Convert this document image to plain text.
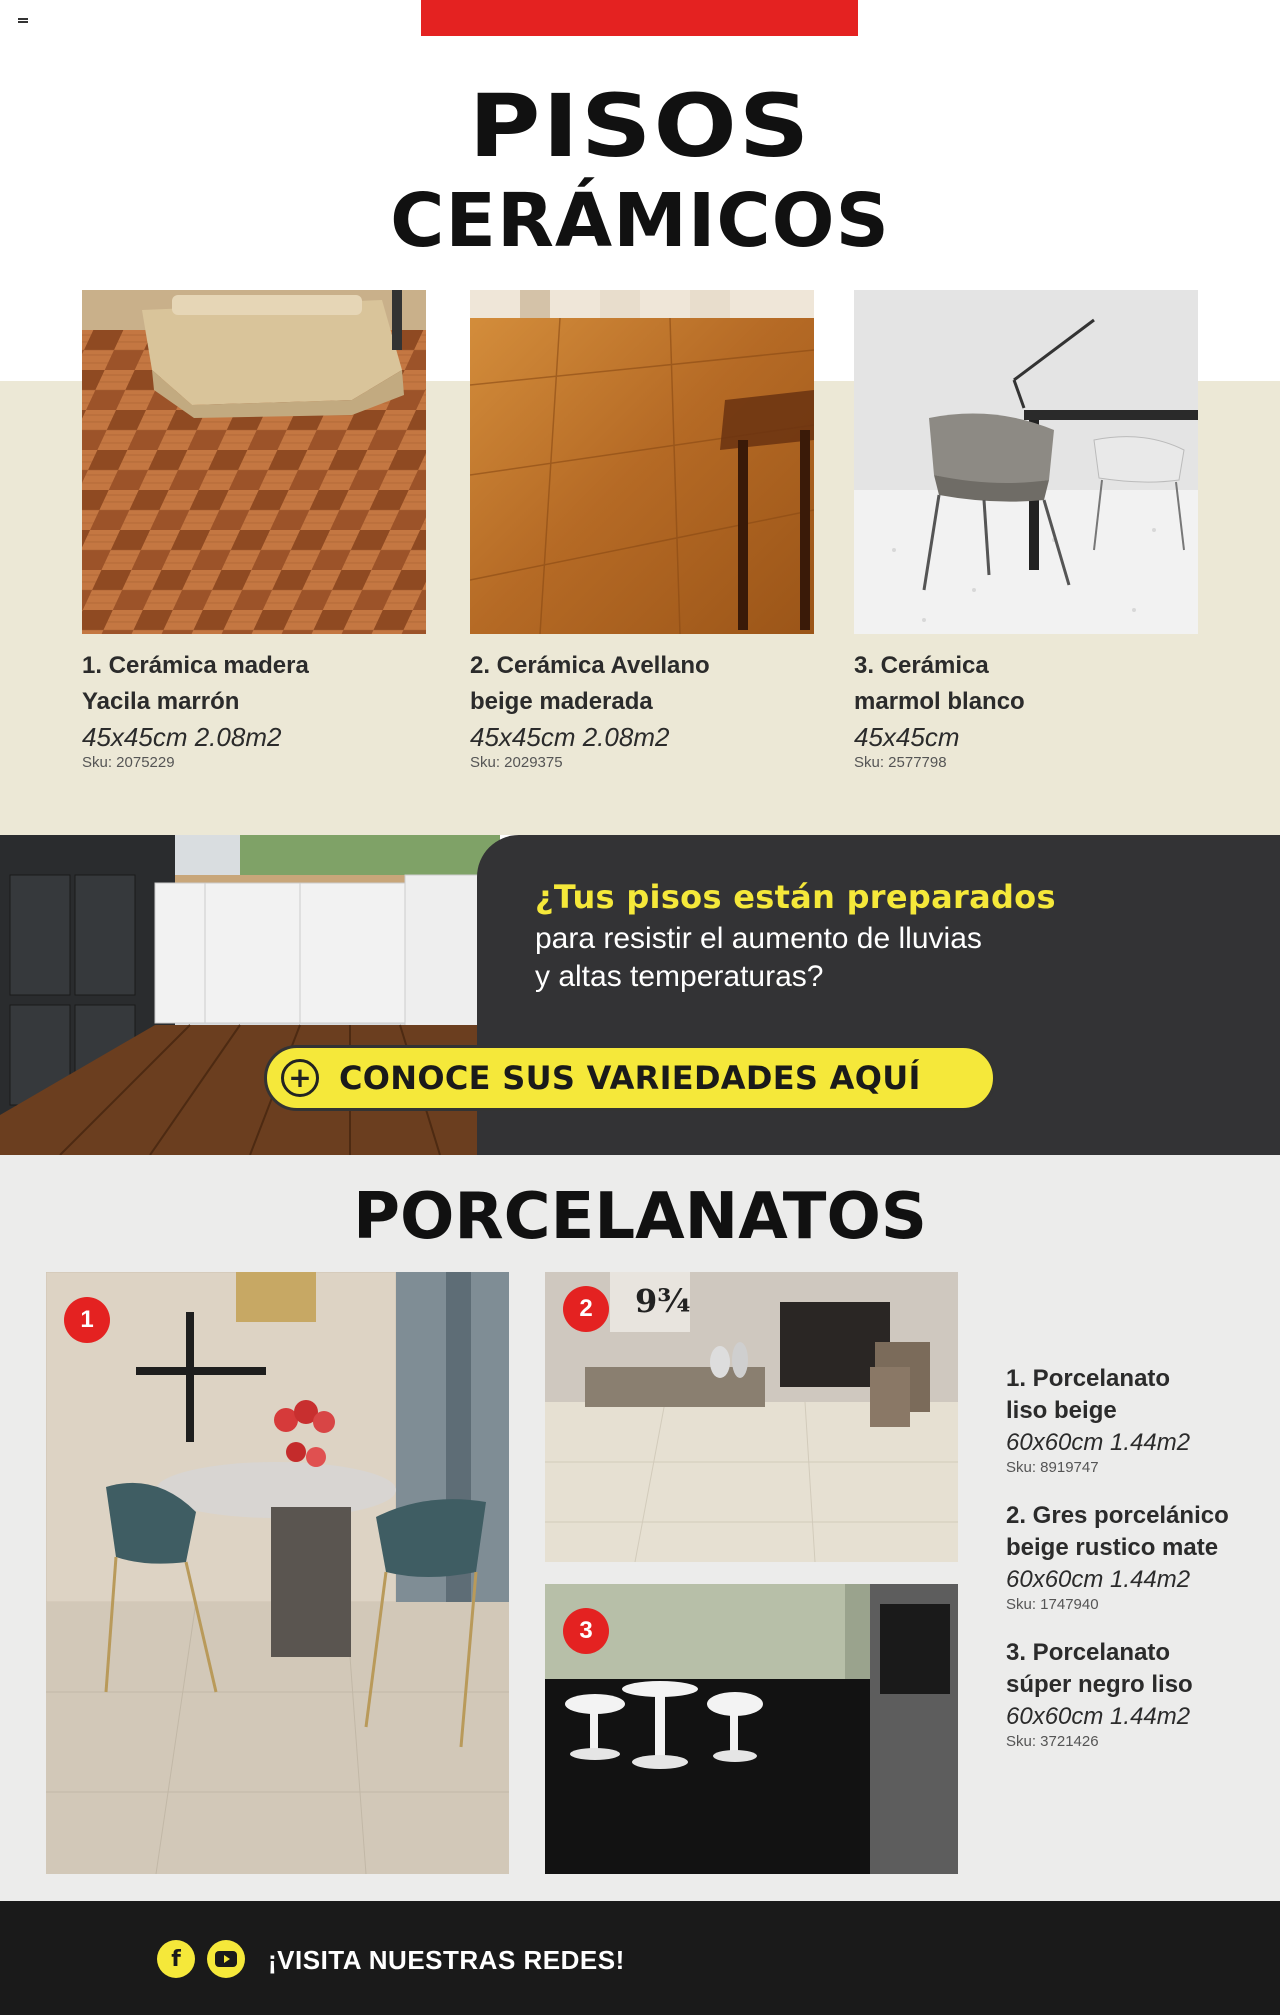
PISOS
CERÁMICOS
1. Cerámica madera
Yacila marrón
45x45cm 2.08m2
Sku: 2075229
2. Cerámica Avellano
beige maderada
45x45cm 2.08m2
Sku: 2029375
3. Cerámica
marmol blanco
45x45cm
Sku: 2577798
¿Tus pisos están preparados
para resistir el aumento de lluvias
y altas temperaturas?
+ CONOCE SUS VARIEDADES AQUÍ
PORCELANATOS
1	9¾
2
3
1. Porcelanato
liso beige
60x60cm 1.44m2
Sku: 8919747
2. Gres porcelánico
beige rustico mate
60x60cm 1.44m2
Sku: 1747940
3. Porcelanato
súper negro liso
60x60cm 1.44m2
Sku: 3721426
f	¡VISITA NUESTRAS REDES!
